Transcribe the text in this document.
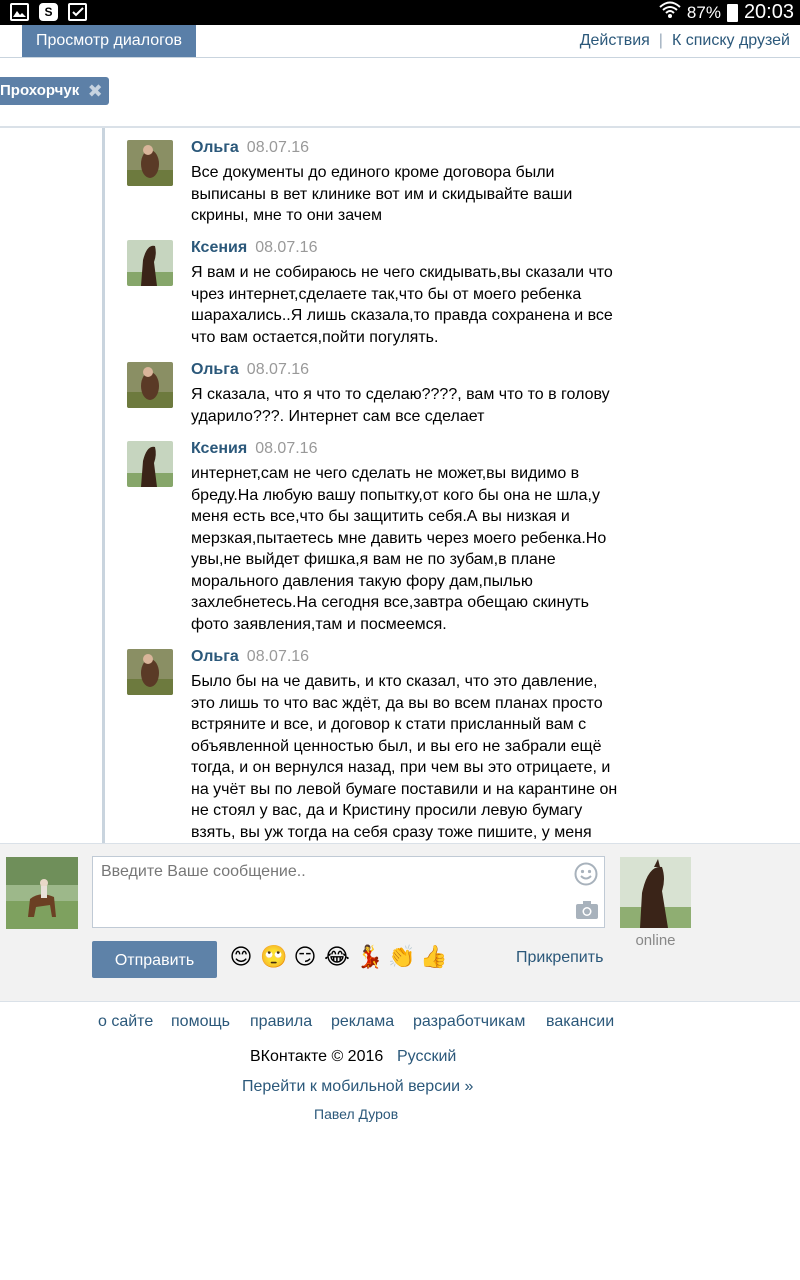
S	87% 20:03
Просмотр диалогов	Действия | К списку друзей
Прохорчук ✖
Ольга 08.07.16
Все документы до единого кроме договора были выписаны в вет клинике вот им и скидывайте ваши скрины, мне то они зачем
Ксения 08.07.16
Я вам и не собираюсь не чего скидывать,вы сказали что чрез интернет,сделаете так,что бы от моего ребенка шарахались..Я лишь сказала,то правда сохранена и все что вам остается,пойти погулять.
Ольга 08.07.16
Я сказала, что я что то сделаю????, вам что то в голову ударило???. Интернет сам все сделает
Ксения 08.07.16
интернет,сам не чего сделать не может,вы видимо в бреду.На любую вашу попытку,от кого бы она не шла,у меня есть все,что бы защитить себя.А вы низкая и мерзкая,пытаетесь мне давить через моего ребенка.Но увы,не выйдет фишка,я вам не по зубам,в плане морального давления такую фору дам,пылью захлебнетесь.На сегодня все,завтра обещаю скинуть фото заявления,там и посмеемся.
Ольга 08.07.16
Было бы на че давить, и кто сказал, что это давление, это лишь то что вас ждёт, да вы во всем планах просто встряните и все, и договор к стати присланный вам с объявленной ценностью был, и вы его не забрали ещё тогда, и он вернулся назад, при чем вы это отрицаете, и на учёт вы по левой бумаге поставили и на карантине он не стоял у вас, да и Кристину просили левую бумагу взять, вы уж тогда на себя сразу тоже пишите, у меня
Введите Ваше сообщение..
online
Отправить	😊 🙄 😏 😂 💃 👏 👍	Прикрепить
о сайте помощь правила реклама разработчикам вакансии
ВКонтакте © 2016 Русский
Перейти к мобильной версии »
Павел Дуров
